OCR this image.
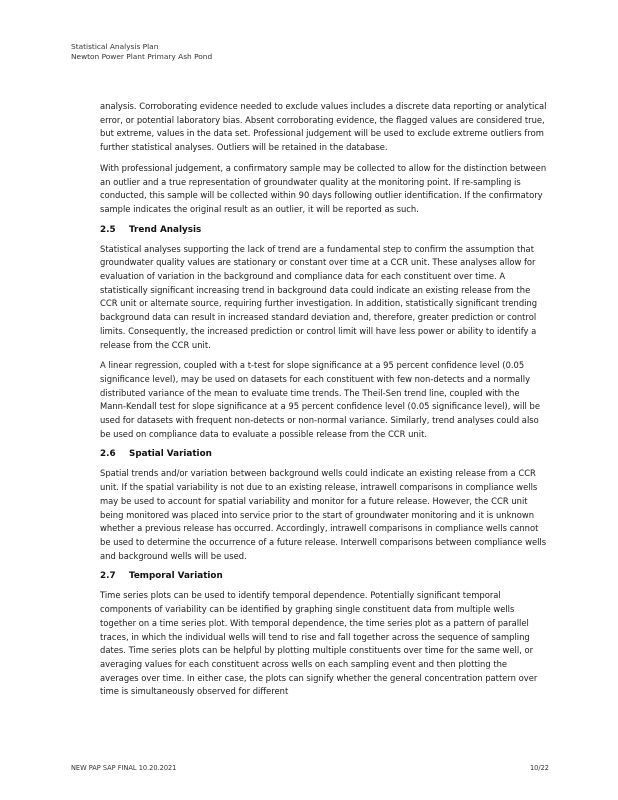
Statistical Analysis Plan
Newton Power Plant Primary Ash Pond

analysis. Corroborating evidence needed to exclude values includes a discrete data reporting or analytical error, or potential laboratory bias. Absent corroborating evidence, the flagged values are considered true, but extreme, values in the data set. Professional judgement will be used to exclude extreme outliers from further statistical analyses. Outliers will be retained in the database.

With professional judgement, a confirmatory sample may be collected to allow for the distinction between an outlier and a true representation of groundwater quality at the monitoring point. If re-sampling is conducted, this sample will be collected within 90 days following outlier identification. If the confirmatory sample indicates the original result as an outlier, it will be reported as such.

2.5 Trend Analysis

Statistical analyses supporting the lack of trend are a fundamental step to confirm the assumption that groundwater quality values are stationary or constant over time at a CCR unit. These analyses allow for evaluation of variation in the background and compliance data for each constituent over time. A statistically significant increasing trend in background data could indicate an existing release from the CCR unit or alternate source, requiring further investigation. In addition, statistically significant trending background data can result in increased standard deviation and, therefore, greater prediction or control limits. Consequently, the increased prediction or control limit will have less power or ability to identify a release from the CCR unit.

A linear regression, coupled with a t-test for slope significance at a 95 percent confidence level (0.05 significance level), may be used on datasets for each constituent with few non-detects and a normally distributed variance of the mean to evaluate time trends. The Theil-Sen trend line, coupled with the Mann-Kendall test for slope significance at a 95 percent confidence level (0.05 significance level), will be used for datasets with frequent non-detects or non-normal variance. Similarly, trend analyses could also be used on compliance data to evaluate a possible release from the CCR unit.

2.6 Spatial Variation

Spatial trends and/or variation between background wells could indicate an existing release from a CCR unit. If the spatial variability is not due to an existing release, intrawell comparisons in compliance wells may be used to account for spatial variability and monitor for a future release. However, the CCR unit being monitored was placed into service prior to the start of groundwater monitoring and it is unknown whether a previous release has occurred. Accordingly, intrawell comparisons in compliance wells cannot be used to determine the occurrence of a future release. Interwell comparisons between compliance wells and background wells will be used.

2.7 Temporal Variation

Time series plots can be used to identify temporal dependence. Potentially significant temporal components of variability can be identified by graphing single constituent data from multiple wells together on a time series plot. With temporal dependence, the time series plot as a pattern of parallel traces, in which the individual wells will tend to rise and fall together across the sequence of sampling dates. Time series plots can be helpful by plotting multiple constituents over time for the same well, or averaging values for each constituent across wells on each sampling event and then plotting the averages over time. In either case, the plots can signify whether the general concentration pattern over time is simultaneously observed for different

NEW PAP SAP FINAL 10.20.2021	10/22
